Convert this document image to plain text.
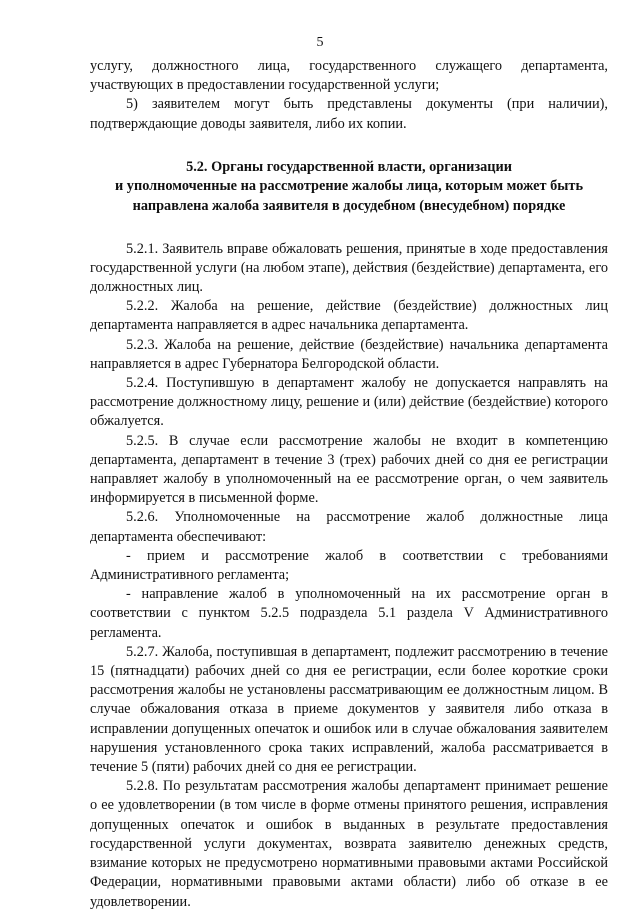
5

услугу, должностного лица, государственного служащего департамента, участвующих в предоставлении государственной услуги;

5) заявителем могут быть представлены документы (при наличии), подтверждающие доводы заявителя, либо их копии.

5.2. Органы государственной власти, организации
и уполномоченные на рассмотрение жалобы лица, которым может быть
направлена жалоба заявителя в досудебном (внесудебном) порядке

5.2.1. Заявитель вправе обжаловать решения, принятые в ходе предоставления государственной услуги (на любом этапе), действия (бездействие) департамента, его должностных лиц.

5.2.2. Жалоба на решение, действие (бездействие) должностных лиц департамента направляется в адрес начальника департамента.

5.2.3. Жалоба на решение, действие (бездействие) начальника департамента направляется в адрес Губернатора Белгородской области.

5.2.4. Поступившую в департамент жалобу не допускается направлять на рассмотрение должностному лицу, решение и (или) действие (бездействие) которого обжалуется.

5.2.5. В случае если рассмотрение жалобы не входит в компетенцию департамента, департамент в течение 3 (трех) рабочих дней со дня ее регистрации направляет жалобу в уполномоченный на ее рассмотрение орган, о чем заявитель информируется в письменной форме.

5.2.6. Уполномоченные на рассмотрение жалоб должностные лица департамента обеспечивают:

- прием и рассмотрение жалоб в соответствии с требованиями Административного регламента;

- направление жалоб в уполномоченный на их рассмотрение орган в соответствии с пунктом 5.2.5 подраздела 5.1 раздела V Административного регламента.

5.2.7. Жалоба, поступившая в департамент, подлежит рассмотрению в течение 15 (пятнадцати) рабочих дней со дня ее регистрации, если более короткие сроки рассмотрения жалобы не установлены рассматривающим ее должностным лицом. В случае обжалования отказа в приеме документов у заявителя либо отказа в исправлении допущенных опечаток и ошибок или в случае обжалования заявителем нарушения установленного срока таких исправлений, жалоба рассматривается в течение 5 (пяти) рабочих дней со дня ее регистрации.

5.2.8. По результатам рассмотрения жалобы департамент принимает решение о ее удовлетворении (в том числе в форме отмены принятого решения, исправления допущенных опечаток и ошибок в выданных в результате предоставления государственной услуги документах, возврата заявителю денежных средств, взимание которых не предусмотрено нормативными правовыми актами Российской Федерации, нормативными правовыми актами области) либо об отказе в ее удовлетворении.
